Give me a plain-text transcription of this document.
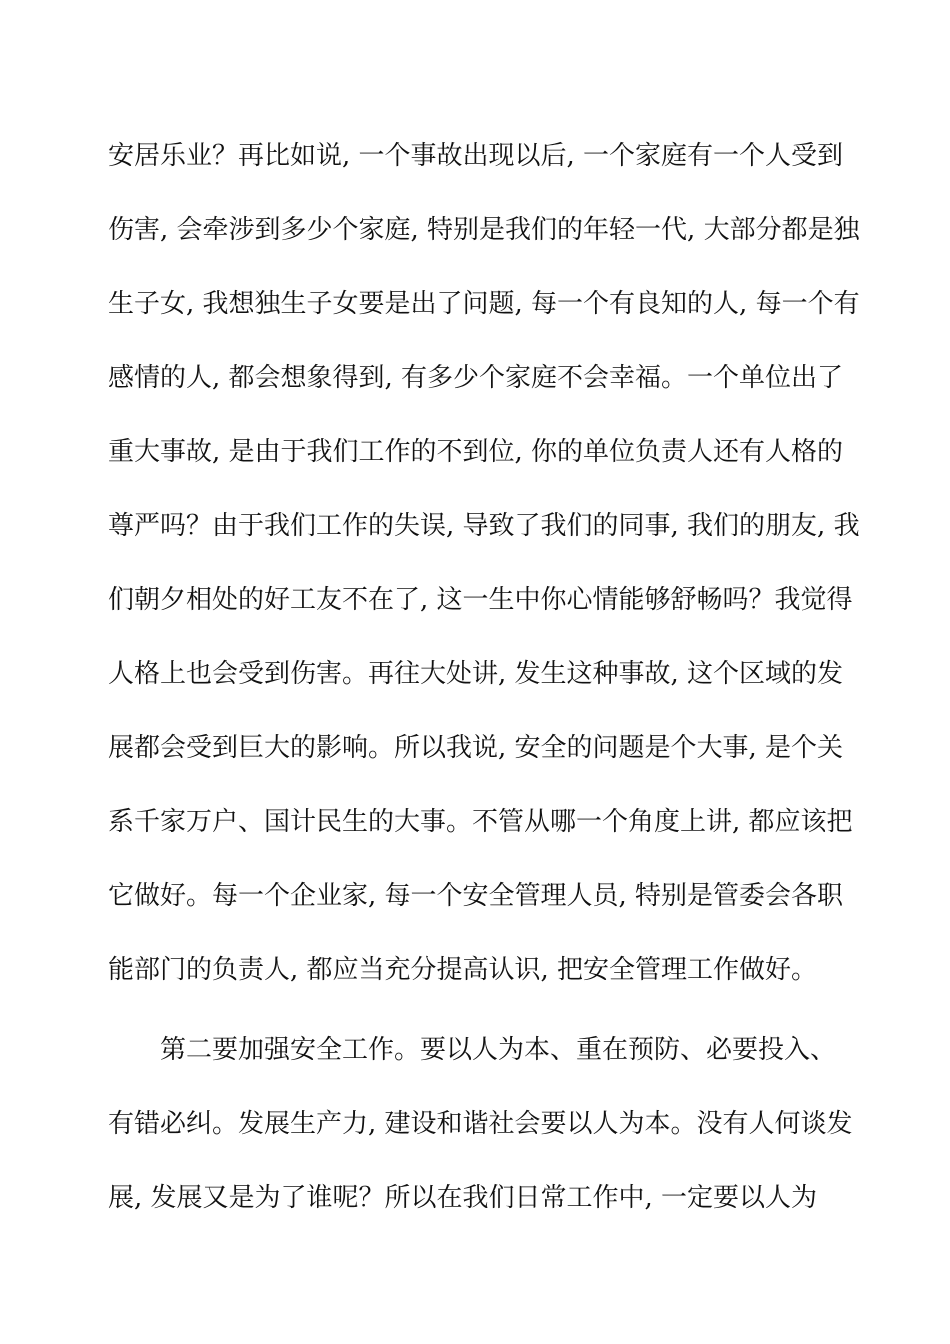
安居乐业？再比如说, 一个事故出现以后, 一个家庭有一个人受到
伤害, 会牵涉到多少个家庭, 特别是我们的年轻一代, 大部分都是独
生子女, 我想独生子女要是出了问题, 每一个有良知的人, 每一个有
感情的人, 都会想象得到, 有多少个家庭不会幸福。一个单位出了
重大事故, 是由于我们工作的不到位, 你的单位负责人还有人格的
尊严吗？由于我们工作的失误, 导致了我们的同事, 我们的朋友, 我
们朝夕相处的好工友不在了, 这一生中你心情能够舒畅吗？我觉得
人格上也会受到伤害。再往大处讲, 发生这种事故, 这个区域的发
展都会受到巨大的影响。所以我说, 安全的问题是个大事, 是个关
系千家万户、国计民生的大事。不管从哪一个角度上讲, 都应该把
它做好。每一个企业家, 每一个安全管理人员, 特别是管委会各职
能部门的负责人, 都应当充分提高认识, 把安全管理工作做好。
第二要加强安全工作。要以人为本、重在预防、必要投入、
有错必纠。发展生产力, 建设和谐社会要以人为本。没有人何谈发
展, 发展又是为了谁呢？所以在我们日常工作中, 一定要以人为
